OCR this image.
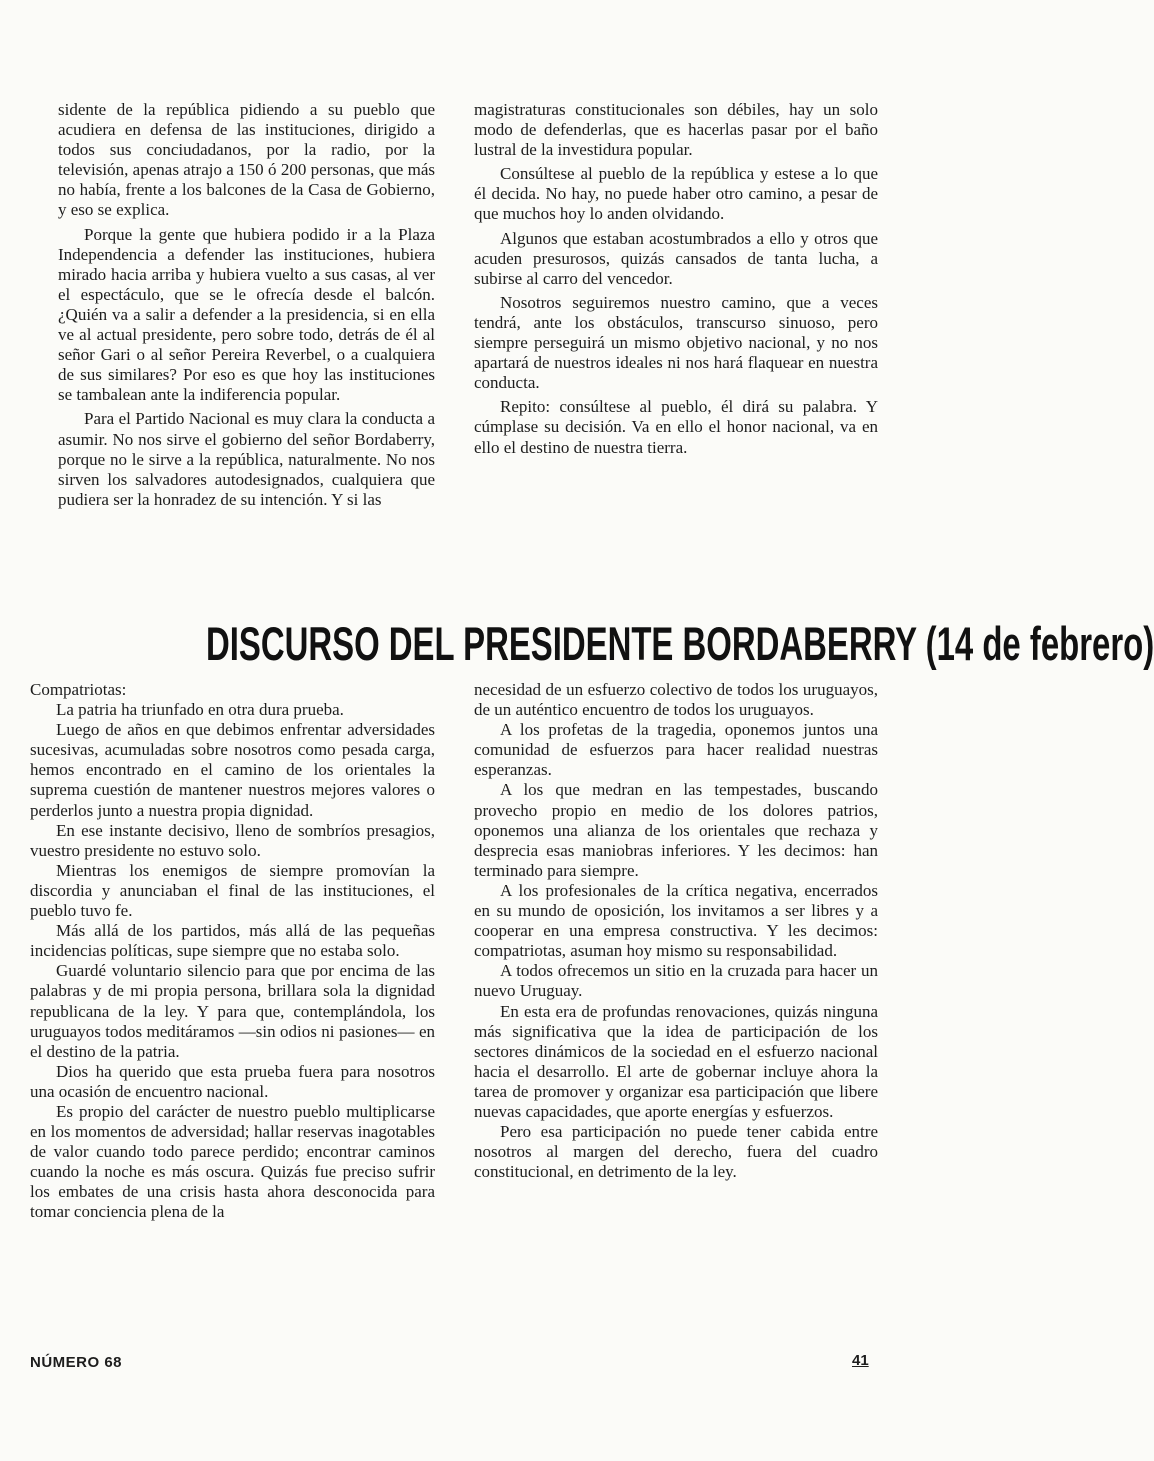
sidente de la república pidiendo a su pueblo que acudiera en defensa de las instituciones, dirigido a todos sus conciudadanos, por la radio, por la televisión, apenas atrajo a 150 ó 200 personas, que más no había, frente a los balcones de la Casa de Gobierno, y eso se explica.

Porque la gente que hubiera podido ir a la Plaza Independencia a defender las instituciones, hubiera mirado hacia arriba y hubiera vuelto a sus casas, al ver el espectáculo, que se le ofrecía desde el balcón. ¿Quién va a salir a defender a la presidencia, si en ella ve al actual presidente, pero sobre todo, detrás de él al señor Gari o al señor Pereira Reverbel, o a cualquiera de sus similares? Por eso es que hoy las instituciones se tambalean ante la indiferencia popular.

Para el Partido Nacional es muy clara la conducta a asumir. No nos sirve el gobierno del señor Bordaberry, porque no le sirve a la república, naturalmente. No nos sirven los salvadores autodesignados, cualquiera que pudiera ser la honradez de su intención. Y si las

magistraturas constitucionales son débiles, hay un solo modo de defenderlas, que es hacerlas pasar por el baño lustral de la investidura popular.

Consúltese al pueblo de la república y estese a lo que él decida. No hay, no puede haber otro camino, a pesar de que muchos hoy lo anden olvidando.

Algunos que estaban acostumbrados a ello y otros que acuden presurosos, quizás cansados de tanta lucha, a subirse al carro del vencedor.

Nosotros seguiremos nuestro camino, que a veces tendrá, ante los obstáculos, transcurso sinuoso, pero siempre perseguirá un mismo objetivo nacional, y no nos apartará de nuestros ideales ni nos hará flaquear en nuestra conducta.

Repito: consúltese al pueblo, él dirá su palabra. Y cúmplase su decisión. Va en ello el honor nacional, va en ello el destino de nuestra tierra.

DISCURSO DEL PRESIDENTE BORDABERRY (14 de febrero)

Compatriotas:

La patria ha triunfado en otra dura prueba.

Luego de años en que debimos enfrentar adversidades sucesivas, acumuladas sobre nosotros como pesada carga, hemos encontrado en el camino de los orientales la suprema cuestión de mantener nuestros mejores valores o perderlos junto a nuestra propia dignidad.

En ese instante decisivo, lleno de sombríos presagios, vuestro presidente no estuvo solo.

Mientras los enemigos de siempre promovían la discordia y anunciaban el final de las instituciones, el pueblo tuvo fe.

Más allá de los partidos, más allá de las pequeñas incidencias políticas, supe siempre que no estaba solo.

Guardé voluntario silencio para que por encima de las palabras y de mi propia persona, brillara sola la dignidad republicana de la ley. Y para que, contemplándola, los uruguayos todos meditáramos —sin odios ni pasiones— en el destino de la patria.

Dios ha querido que esta prueba fuera para nosotros una ocasión de encuentro nacional.

Es propio del carácter de nuestro pueblo multiplicarse en los momentos de adversidad; hallar reservas inagotables de valor cuando todo parece perdido; encontrar caminos cuando la noche es más oscura. Quizás fue preciso sufrir los embates de una crisis hasta ahora desconocida para tomar conciencia plena de la

necesidad de un esfuerzo colectivo de todos los uruguayos, de un auténtico encuentro de todos los uruguayos.

A los profetas de la tragedia, oponemos juntos una comunidad de esfuerzos para hacer realidad nuestras esperanzas.

A los que medran en las tempestades, buscando provecho propio en medio de los dolores patrios, oponemos una alianza de los orientales que rechaza y desprecia esas maniobras inferiores. Y les decimos: han terminado para siempre.

A los profesionales de la crítica negativa, encerrados en su mundo de oposición, los invitamos a ser libres y a cooperar en una empresa constructiva. Y les decimos: compatriotas, asuman hoy mismo su responsabilidad.

A todos ofrecemos un sitio en la cruzada para hacer un nuevo Uruguay.

En esta era de profundas renovaciones, quizás ninguna más significativa que la idea de participación de los sectores dinámicos de la sociedad en el esfuerzo nacional hacia el desarrollo. El arte de gobernar incluye ahora la tarea de promover y organizar esa participación que libere nuevas capacidades, que aporte energías y esfuerzos.

Pero esa participación no puede tener cabida entre nosotros al margen del derecho, fuera del cuadro constitucional, en detrimento de la ley.

NÚMERO 68	41
